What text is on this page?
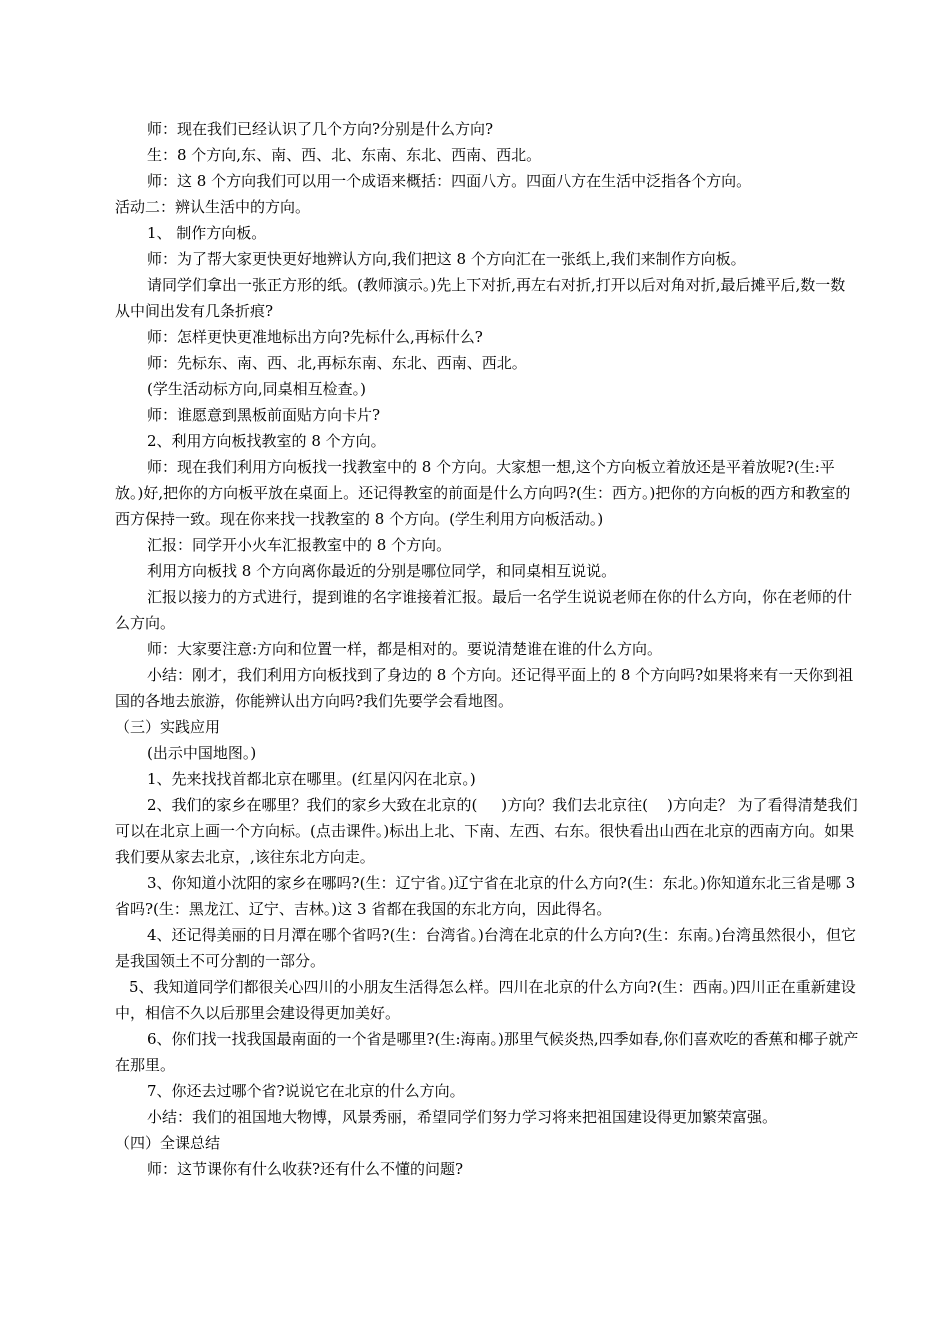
师：现在我们已经认识了几个方向?分别是什么方向?

生：8 个方向,东、南、西、北、东南、东北、西南、西北。

师：这 8 个方向我们可以用一个成语来概括：四面八方。四面八方在生活中泛指各个方向。

活动二：辨认生活中的方向。

1、 制作方向板。

师：为了帮大家更快更好地辨认方向,我们把这 8 个方向汇在一张纸上,我们来制作方向板。

请同学们拿出一张正方形的纸。(教师演示。)先上下对折,再左右对折,打开以后对角对折,最后摊平后,数一数从中间出发有几条折痕?

师：怎样更快更准地标出方向?先标什么,再标什么?

师：先标东、南、西、北,再标东南、东北、西南、西北。

(学生活动标方向,同桌相互检查。)

师：谁愿意到黑板前面贴方向卡片?

2、利用方向板找教室的 8 个方向。

师：现在我们利用方向板找一找教室中的 8 个方向。大家想一想,这个方向板立着放还是平着放呢?(生:平放。)好,把你的方向板平放在桌面上。还记得教室的前面是什么方向吗?(生：西方。)把你的方向板的西方和教室的西方保持一致。现在你来找一找教室的 8 个方向。(学生利用方向板活动。)

汇报：同学开小火车汇报教室中的 8 个方向。

利用方向板找 8 个方向离你最近的分别是哪位同学，和同桌相互说说。

汇报以接力的方式进行，提到谁的名字谁接着汇报。最后一名学生说说老师在你的什么方向，你在老师的什么方向。

师：大家要注意:方向和位置一样，都是相对的。要说清楚谁在谁的什么方向。

小结：刚才，我们利用方向板找到了身边的 8 个方向。还记得平面上的 8 个方向吗?如果将来有一天你到祖国的各地去旅游，你能辨认出方向吗?我们先要学会看地图。

（三）实践应用

(出示中国地图。)

1、先来找找首都北京在哪里。(红星闪闪在北京。)

2、我们的家乡在哪里？我们的家乡大致在北京的(     )方向？我们去北京往(    )方向走？ 为了看得清楚我们可以在北京上画一个方向标。(点击课件。)标出上北、下南、左西、右东。很快看出山西在北京的西南方向。如果我们要从家去北京，,该往东北方向走。

3、你知道小沈阳的家乡在哪吗?(生：辽宁省。)辽宁省在北京的什么方向?(生：东北。)你知道东北三省是哪 3 省吗?(生：黑龙江、辽宁、吉林。)这 3 省都在我国的东北方向，因此得名。

4、还记得美丽的日月潭在哪个省吗?(生：台湾省。)台湾在北京的什么方向?(生：东南。)台湾虽然很小，但它是我国领土不可分割的一部分。

5、我知道同学们都很关心四川的小朋友生活得怎么样。四川在北京的什么方向?(生：西南。)四川正在重新建设中，相信不久以后那里会建设得更加美好。

6、你们找一找我国最南面的一个省是哪里?(生:海南。)那里气候炎热,四季如春,你们喜欢吃的香蕉和椰子就产在那里。

7、你还去过哪个省?说说它在北京的什么方向。

小结：我们的祖国地大物博，风景秀丽，希望同学们努力学习将来把祖国建设得更加繁荣富强。

（四）全课总结

师：这节课你有什么收获?还有什么不懂的问题?
